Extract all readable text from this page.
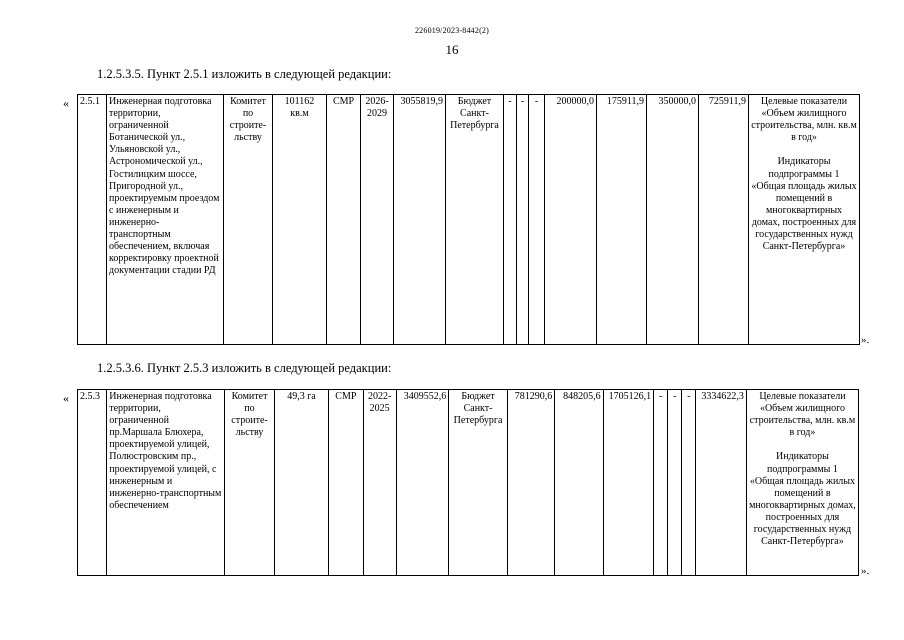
226019/2023-8442(2)
16
1.2.5.3.5. Пункт 2.5.1 изложить в следующей редакции:
« 2.5.1	Инженерная подготовка территории, ограниченной Ботанической ул., Ульяновской ул., Астрономической ул., Гостилицким шоссе, Пригородной ул., проектируемым проездом с инженерным и инженерно-транспортным обеспечением, включая корректировку проектной документации стадии РД	Комитет по строите-льству	101162 кв.м	СМР	2026-2029	3055819,9	Бюджет Санкт-Петербурга	-	-	-	200000,0	175911,9	350000,0	725911,9	Целевые показатели «Объем жилищного строительства, млн. кв.м в год»

Индикаторы подпрограммы 1 «Общая площадь жилых помещений в многоквартирных домах, построенных для государственных нужд Санкт-Петербурга»
».
1.2.5.3.6. Пункт 2.5.3 изложить в следующей редакции:
« 2.5.3	Инженерная подготовка территории, ограниченной пр.Маршала Блюхера, проектируемой улицей, Полюстровским пр., проектируемой улицей, с инженерным и инженерно-транспортным обеспечением	Комитет по строите-льству	49,3 га	СМР	2022-2025	3409552,6	Бюджет Санкт-Петербурга	781290,6	848205,6	1705126,1	-	-	-	3334622,3	Целевые показатели «Объем жилищного строительства, млн. кв.м в год»

Индикаторы подпрограммы 1 «Общая площадь жилых помещений в многоквартирных домах, построенных для государственных нужд Санкт-Петербурга»
».
